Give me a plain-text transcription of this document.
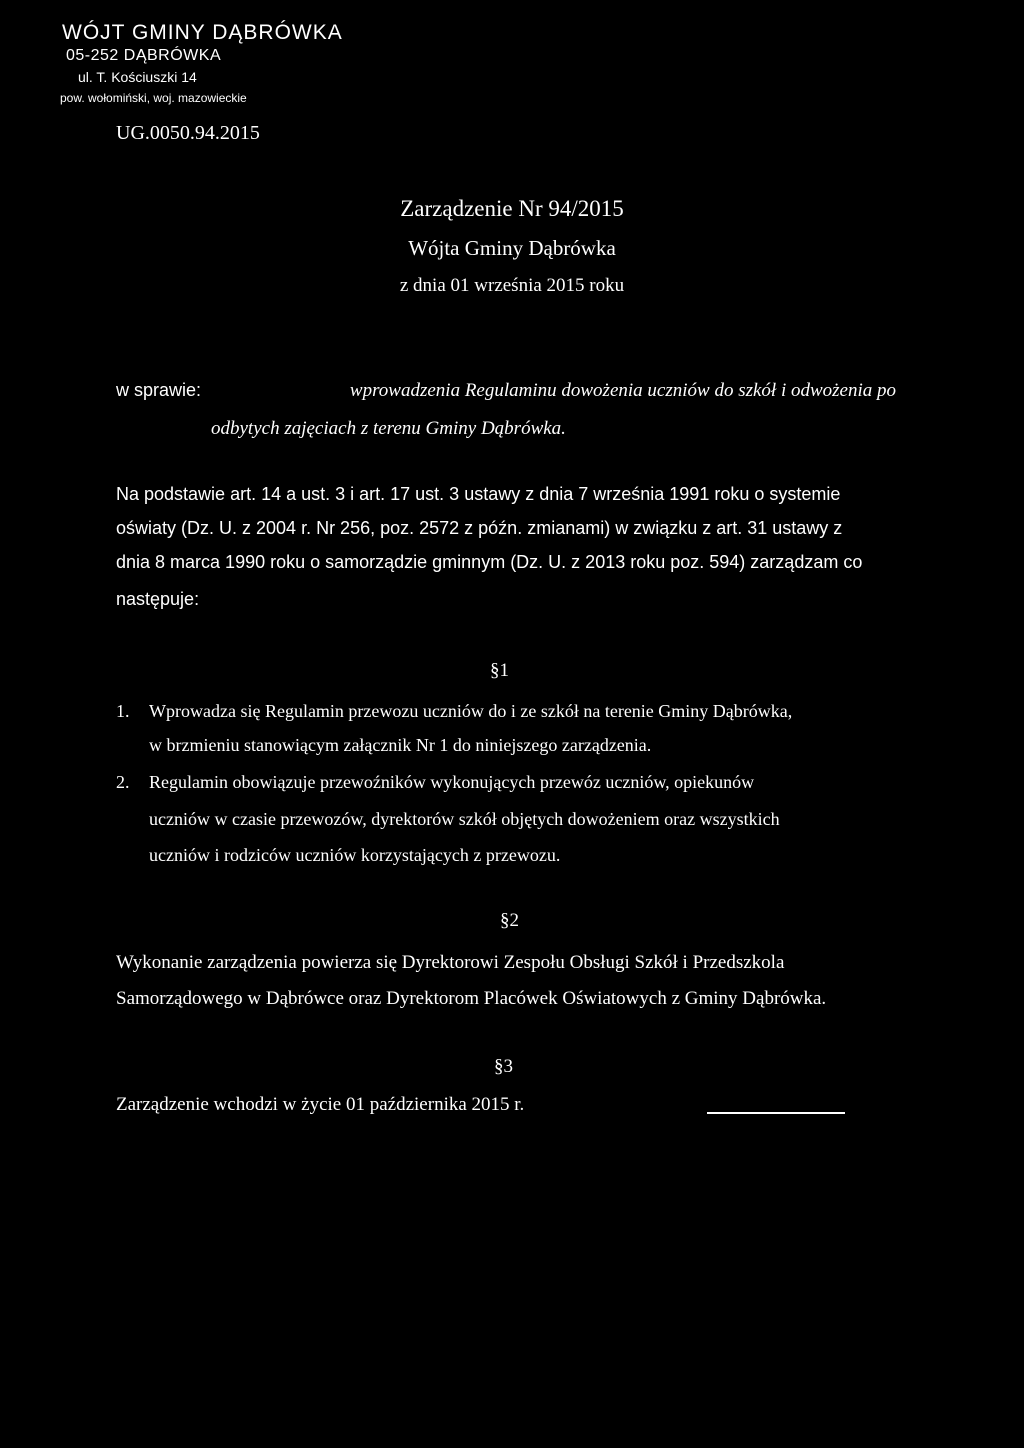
WÓJT GMINY DĄBRÓWKA
05-252 DĄBRÓWKA
ul. T. Kościuszki 14
pow. wołomiński, woj. mazowieckie

UG.0050.94.2015

Zarządzenie Nr 94/2015

Wójta Gminy Dąbrówka

z dnia 01 września 2015 roku

w sprawie:	wprowadzenia Regulaminu dowożenia uczniów do szkół i odwożenia po

odbytych zajęciach z terenu Gminy Dąbrówka.

Na podstawie art. 14 a ust. 3 i art. 17 ust. 3 ustawy z dnia 7 września 1991 roku o systemie
oświaty (Dz. U. z 2004 r. Nr 256, poz. 2572 z późn. zmianami) w związku z art. 31 ustawy z
dnia 8 marca 1990 roku o samorządzie gminnym (Dz. U. z 2013 roku poz. 594) zarządzam co
następuje:
§1
1. Wprowadza się Regulamin przewozu uczniów do i ze szkół na terenie Gminy Dąbrówka,
w brzmieniu stanowiącym załącznik Nr 1 do niniejszego zarządzenia.
2. Regulamin obowiązuje przewoźników wykonujących przewóz uczniów, opiekunów
uczniów w czasie przewozów, dyrektorów szkół objętych dowożeniem oraz wszystkich
uczniów i rodziców uczniów korzystających z przewozu.
§2
Wykonanie zarządzenia powierza się Dyrektorowi Zespołu Obsługi Szkół i Przedszkola
Samorządowego w Dąbrówce oraz Dyrektorom Placówek Oświatowych z Gminy Dąbrówka.
§3
Zarządzenie wchodzi w życie 01 października 2015 r.
